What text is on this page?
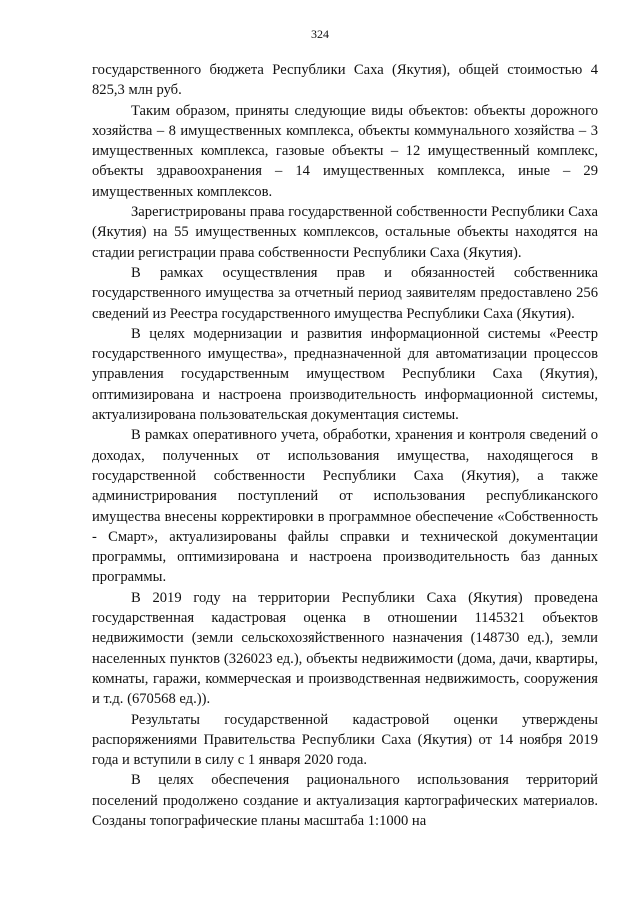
324

государственного бюджета Республики Саха (Якутия), общей стоимостью 4 825,3 млн руб.

Таким образом, приняты следующие виды объектов: объекты дорожного хозяйства – 8 имущественных комплекса, объекты коммунального хозяйства – 3 имущественных комплекса, газовые объекты – 12 имущественный комплекс, объекты здравоохранения – 14 имущественных комплекса, иные – 29 имущественных комплексов.

Зарегистрированы права государственной собственности Республики Саха (Якутия) на 55 имущественных комплексов, остальные объекты находятся на стадии регистрации права собственности Республики Саха (Якутия).

В рамках осуществления прав и обязанностей собственника государственного имущества за отчетный период заявителям предоставлено 256 сведений из Реестра государственного имущества Республики Саха (Якутия).

В целях модернизации и развития информационной системы «Реестр государственного имущества», предназначенной для автоматизации процессов управления государственным имуществом Республики Саха (Якутия), оптимизирована и настроена производительность информационной системы, актуализирована пользовательская документация системы.

В рамках оперативного учета, обработки, хранения и контроля сведений о доходах, полученных от использования имущества, находящегося в государственной собственности Республики Саха (Якутия), а также администрирования поступлений от использования республиканского имущества внесены корректировки в программное обеспечение «Собственность - Смарт», актуализированы файлы справки и технической документации программы, оптимизирована и настроена производительность баз данных программы.

В 2019 году на территории Республики Саха (Якутия) проведена государственная кадастровая оценка в отношении 1145321 объектов недвижимости (земли сельскохозяйственного назначения (148730 ед.), земли населенных пунктов (326023 ед.), объекты недвижимости (дома, дачи, квартиры, комнаты, гаражи, коммерческая и производственная недвижимость, сооружения и т.д. (670568 ед.)).

Результаты государственной кадастровой оценки утверждены распоряжениями Правительства Республики Саха (Якутия) от 14 ноября 2019 года и вступили в силу с 1 января 2020 года.

В целях обеспечения рационального использования территорий поселений продолжено создание и актуализация картографических материалов. Созданы топографические планы масштаба 1:1000 на
